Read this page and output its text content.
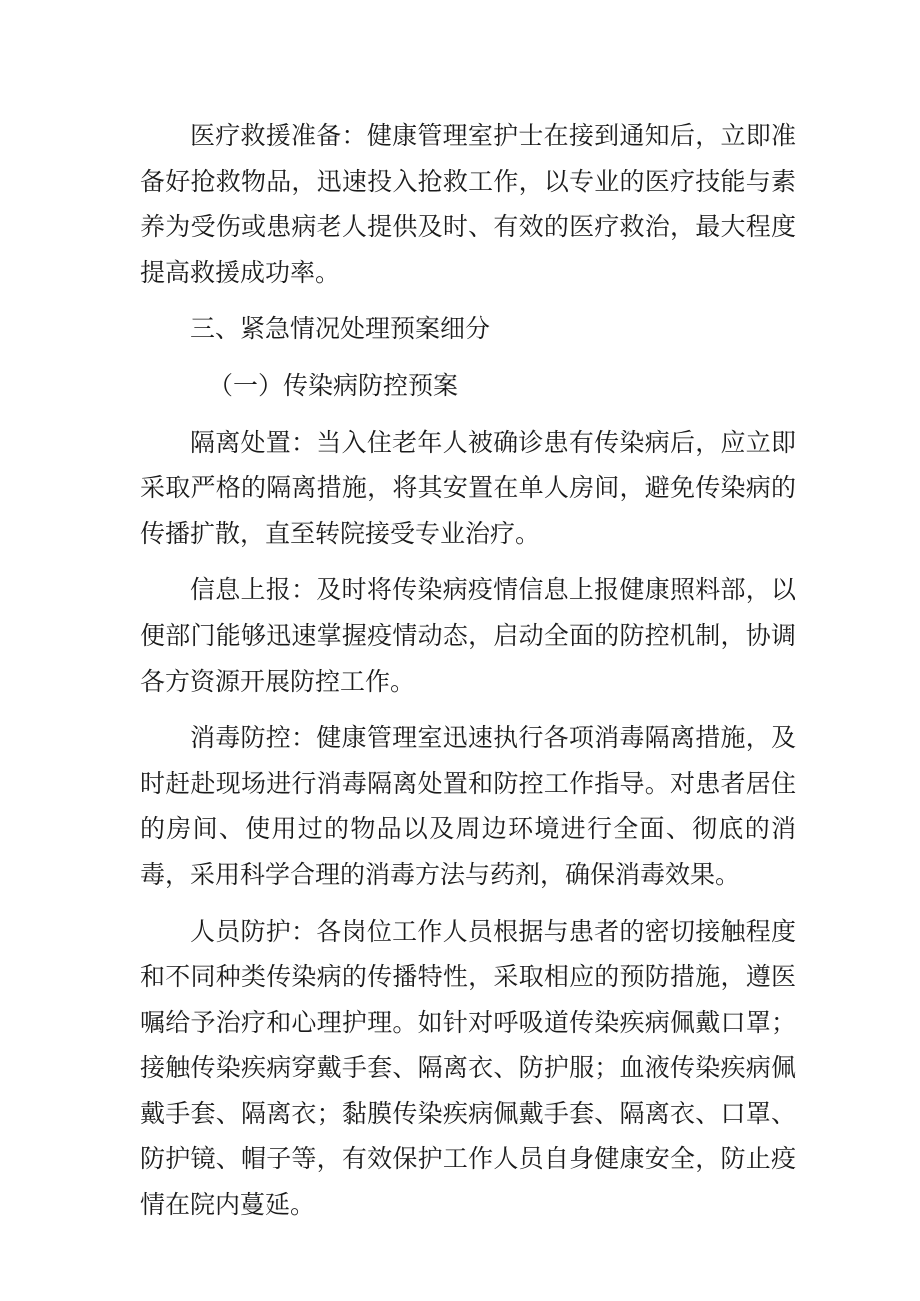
医疗救援准备：健康管理室护士在接到通知后，立即准备好抢救物品，迅速投入抢救工作，以专业的医疗技能与素养为受伤或患病老人提供及时、有效的医疗救治，最大程度提高救援成功率。

三、紧急情况处理预案细分

（一）传染病防控预案

隔离处置：当入住老年人被确诊患有传染病后，应立即采取严格的隔离措施，将其安置在单人房间，避免传染病的传播扩散，直至转院接受专业治疗。

信息上报：及时将传染病疫情信息上报健康照料部，以便部门能够迅速掌握疫情动态，启动全面的防控机制，协调各方资源开展防控工作。

消毒防控：健康管理室迅速执行各项消毒隔离措施，及时赶赴现场进行消毒隔离处置和防控工作指导。对患者居住的房间、使用过的物品以及周边环境进行全面、彻底的消毒，采用科学合理的消毒方法与药剂，确保消毒效果。

人员防护：各岗位工作人员根据与患者的密切接触程度和不同种类传染病的传播特性，采取相应的预防措施，遵医嘱给予治疗和心理护理。如针对呼吸道传染疾病佩戴口罩；接触传染疾病穿戴手套、隔离衣、防护服；血液传染疾病佩戴手套、隔离衣；黏膜传染疾病佩戴手套、隔离衣、口罩、防护镜、帽子等，有效保护工作人员自身健康安全，防止疫情在院内蔓延。
